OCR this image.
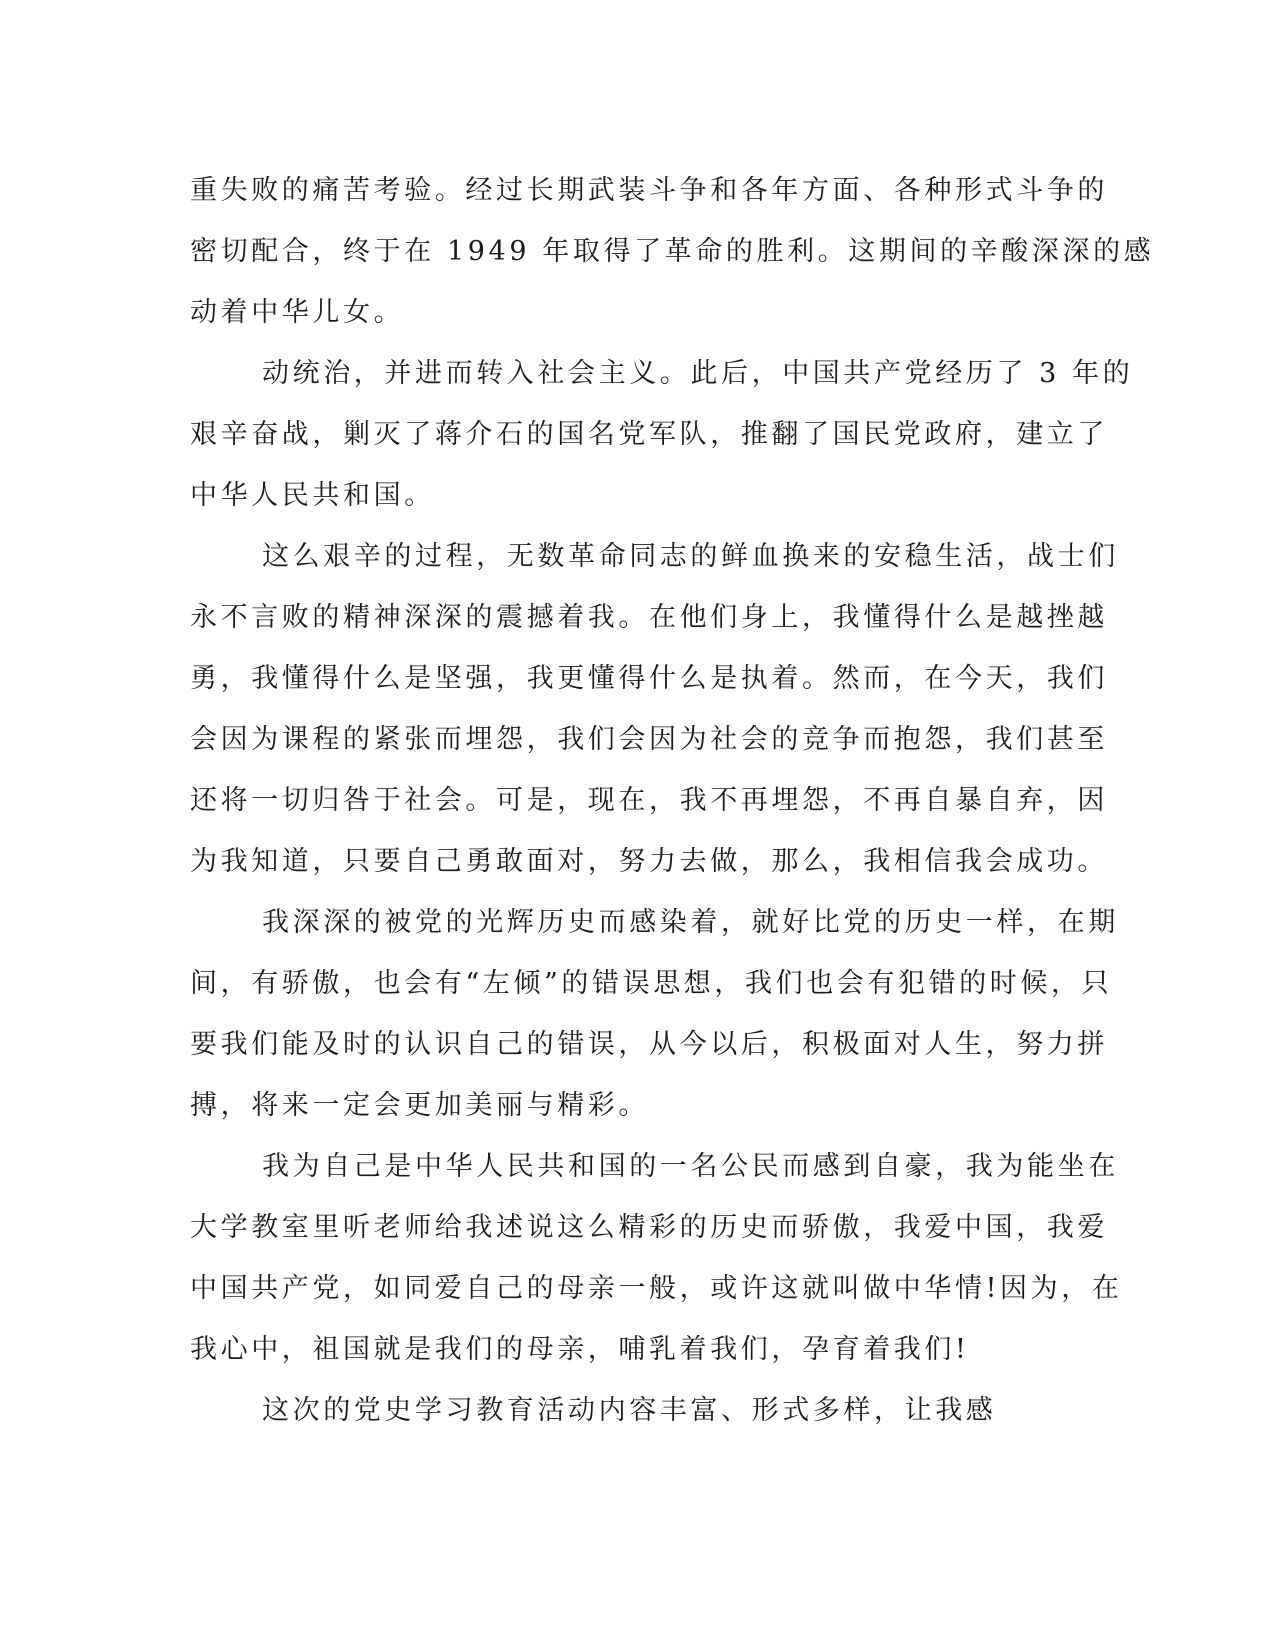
重失败的痛苦考验。经过长期武装斗争和各年方面、各种形式斗争的
密切配合，终于在 1949 年取得了革命的胜利。这期间的辛酸深深的感
动着中华儿女。
动统治，并进而转入社会主义。此后，中国共产党经历了 3 年的
艰辛奋战，剿灭了蒋介石的国名党军队，推翻了国民党政府，建立了
中华人民共和国。
这么艰辛的过程，无数革命同志的鲜血换来的安稳生活，战士们
永不言败的精神深深的震撼着我。在他们身上，我懂得什么是越挫越
勇，我懂得什么是坚强，我更懂得什么是执着。然而，在今天，我们
会因为课程的紧张而埋怨，我们会因为社会的竞争而抱怨，我们甚至
还将一切归咎于社会。可是，现在，我不再埋怨，不再自暴自弃，因
为我知道，只要自己勇敢面对，努力去做，那么，我相信我会成功。
我深深的被党的光辉历史而感染着，就好比党的历史一样，在期
间，有骄傲，也会有“左倾”的错误思想，我们也会有犯错的时候，只
要我们能及时的认识自己的错误，从今以后，积极面对人生，努力拼
搏，将来一定会更加美丽与精彩。
我为自己是中华人民共和国的一名公民而感到自豪，我为能坐在
大学教室里听老师给我述说这么精彩的历史而骄傲，我爱中国，我爱
中国共产党，如同爱自己的母亲一般，或许这就叫做中华情!因为，在
我心中，祖国就是我们的母亲，哺乳着我们，孕育着我们!
这次的党史学习教育活动内容丰富、形式多样，让我感
